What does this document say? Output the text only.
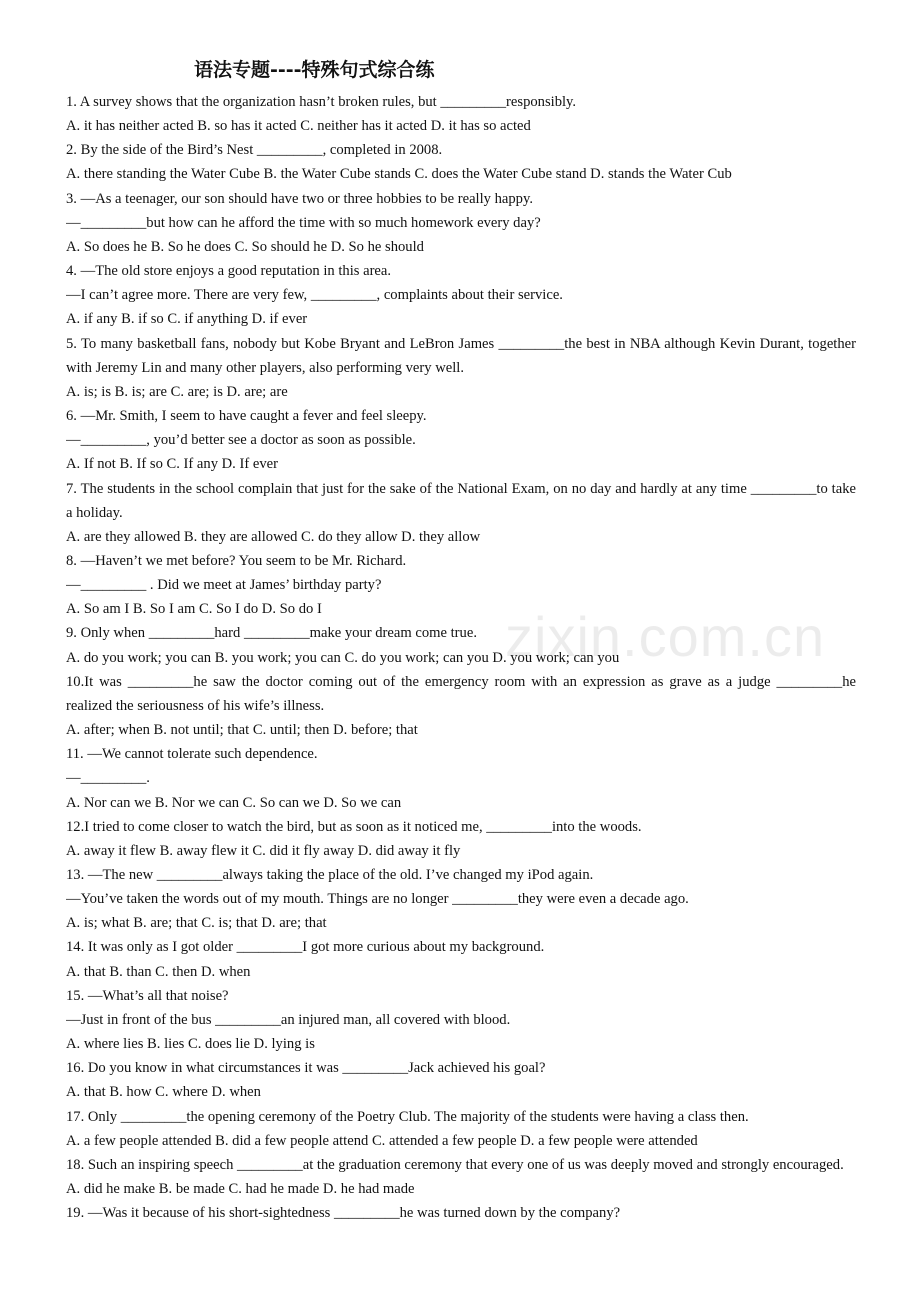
zixin.com.cn
语法专题----特殊句式综合练
1. A survey shows that the organization hasn’t broken rules, but _________responsibly.
A. it has neither acted B. so has it acted C. neither has it acted D. it has so acted
2. By the side of the Bird’s Nest _________, completed in 2008.
A. there standing the Water Cube B. the Water Cube stands C. does the Water Cube stand D. stands the Water Cub
3. —As a teenager, our son should have two or three hobbies to be really happy.
—_________but how can he afford the time with so much homework every day?
A. So does he B. So he does C. So should he D. So he should
4. —The old store enjoys a good reputation in this area.
—I can’t agree more. There are very few, _________, complaints about their service.
A. if any B. if so C. if anything D. if ever
5. To many basketball fans, nobody but Kobe Bryant and LeBron James _________the best in NBA although Kevin Durant, together with Jeremy Lin and many other players, also performing very well.
A. is; is B. is; are C. are; is D. are; are
6. —Mr. Smith, I seem to have caught a fever and feel sleepy.
—_________, you’d better see a doctor as soon as possible.
A. If not B. If so C. If any D. If ever
7. The students in the school complain that just for the sake of the National Exam, on no day and hardly at any time _________to take a holiday.
A. are they allowed B. they are allowed C. do they allow D. they allow
8. —Haven’t we met before? You seem to be Mr. Richard.
—_________ . Did we meet at James’ birthday party?
A. So am I B. So I am C. So I do D. So do I
9. Only when _________hard _________make your dream come true.
A. do you work; you can B. you work; you can C. do you work; can you D. you work; can you
10.It was _________he saw the doctor coming out of the emergency room with an expression as grave as a judge _________he realized the seriousness of his wife’s illness.
A. after; when B. not until; that C. until; then D. before; that
11. —We cannot tolerate such dependence.
—_________.
A. Nor can we B. Nor we can C. So can we D. So we can
12.I tried to come closer to watch the bird, but as soon as it noticed me, _________into the woods.
A. away it flew B. away flew it C. did it fly away D. did away it fly
13. —The new _________always taking the place of the old. I’ve changed my iPod again.
—You’ve taken the words out of my mouth. Things are no longer _________they were even a decade ago.
A. is; what B. are; that C. is; that D. are; that
14. It was only as I got older _________I got more curious about my background.
A. that B. than C. then D. when
15. —What’s all that noise?
—Just in front of the bus _________an injured man, all covered with blood.
A. where lies B. lies C. does lie D. lying is
16. Do you know in what circumstances it was _________Jack achieved his goal?
A. that B. how C. where D. when
17. Only _________the opening ceremony of the Poetry Club. The majority of the students were having a class then.
A. a few people attended B. did a few people attend C. attended a few people D. a few people were attended
18. Such an inspiring speech _________at the graduation ceremony that every one of us was deeply moved and strongly encouraged.
A. did he make B. be made C. had he made D. he had made
19. —Was it because of his short-sightedness _________he was turned down by the company?
